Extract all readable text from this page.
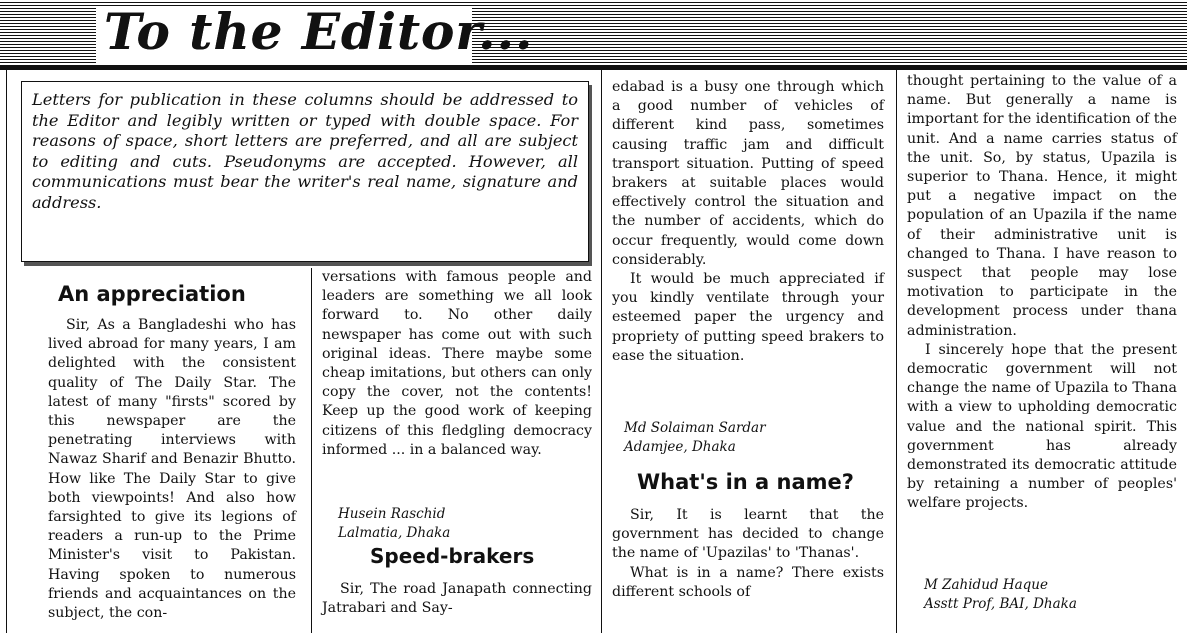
To the Editor...
Letters for publication in these columns should be addressed to the Editor and legibly written or typed with double space. For reasons of space, short letters are preferred, and all are subject to editing and cuts. Pseudonyms are accepted. However, all communications must bear the writer's real name, signature and address.
An appreciation

Sir, As a Bangladeshi who has lived abroad for many years, I am delighted with the consistent quality of The Daily Star. The latest of many "firsts" scored by this newspaper are the penetrating interviews with Nawaz Sharif and Benazir Bhutto. How like The Daily Star to give both viewpoints! And also how farsighted to give its legions of readers a run-up to the Prime Minister's visit to Pakistan. Having spoken to numerous friends and acquaintances on the subject, the con-

versations with famous people and leaders are something we all look forward to. No other daily newspaper has come out with such original ideas. There maybe some cheap imitations, but others can only copy the cover, not the contents! Keep up the good work of keeping citizens of this fledgling democracy informed ... in a balanced way.

Husein Raschid
Lalmatia, Dhaka
Speed-brakers

Sir, The road Janapath connecting Jatrabari and Say-

edabad is a busy one through which a good number of vehicles of different kind pass, sometimes causing traffic jam and difficult transport situation. Putting of speed brakers at suitable places would effectively control the situation and the number of accidents, which do occur frequently, would come down considerably.

It would be much appreciated if you kindly ventilate through your esteemed paper the urgency and propriety of putting speed brakers to ease the situation.

Md Solaiman Sardar
Adamjee, Dhaka
What's in a name?

Sir, It is learnt that the government has decided to change the name of 'Upazilas' to 'Thanas'.

What is in a name? There exists different schools of

thought pertaining to the value of a name. But generally a name is important for the identification of the unit. And a name carries status of the unit. So, by status, Upazila is superior to Thana. Hence, it might put a negative impact on the population of an Upazila if the name of their administrative unit is changed to Thana. I have reason to suspect that people may lose motivation to participate in the development process under thana administration.

I sincerely hope that the present democratic government will not change the name of Upazila to Thana with a view to upholding democratic value and the national spirit. This government has already demonstrated its democratic attitude by retaining a number of peoples' welfare projects.

M Zahidud Haque
Asstt Prof, BAI, Dhaka
